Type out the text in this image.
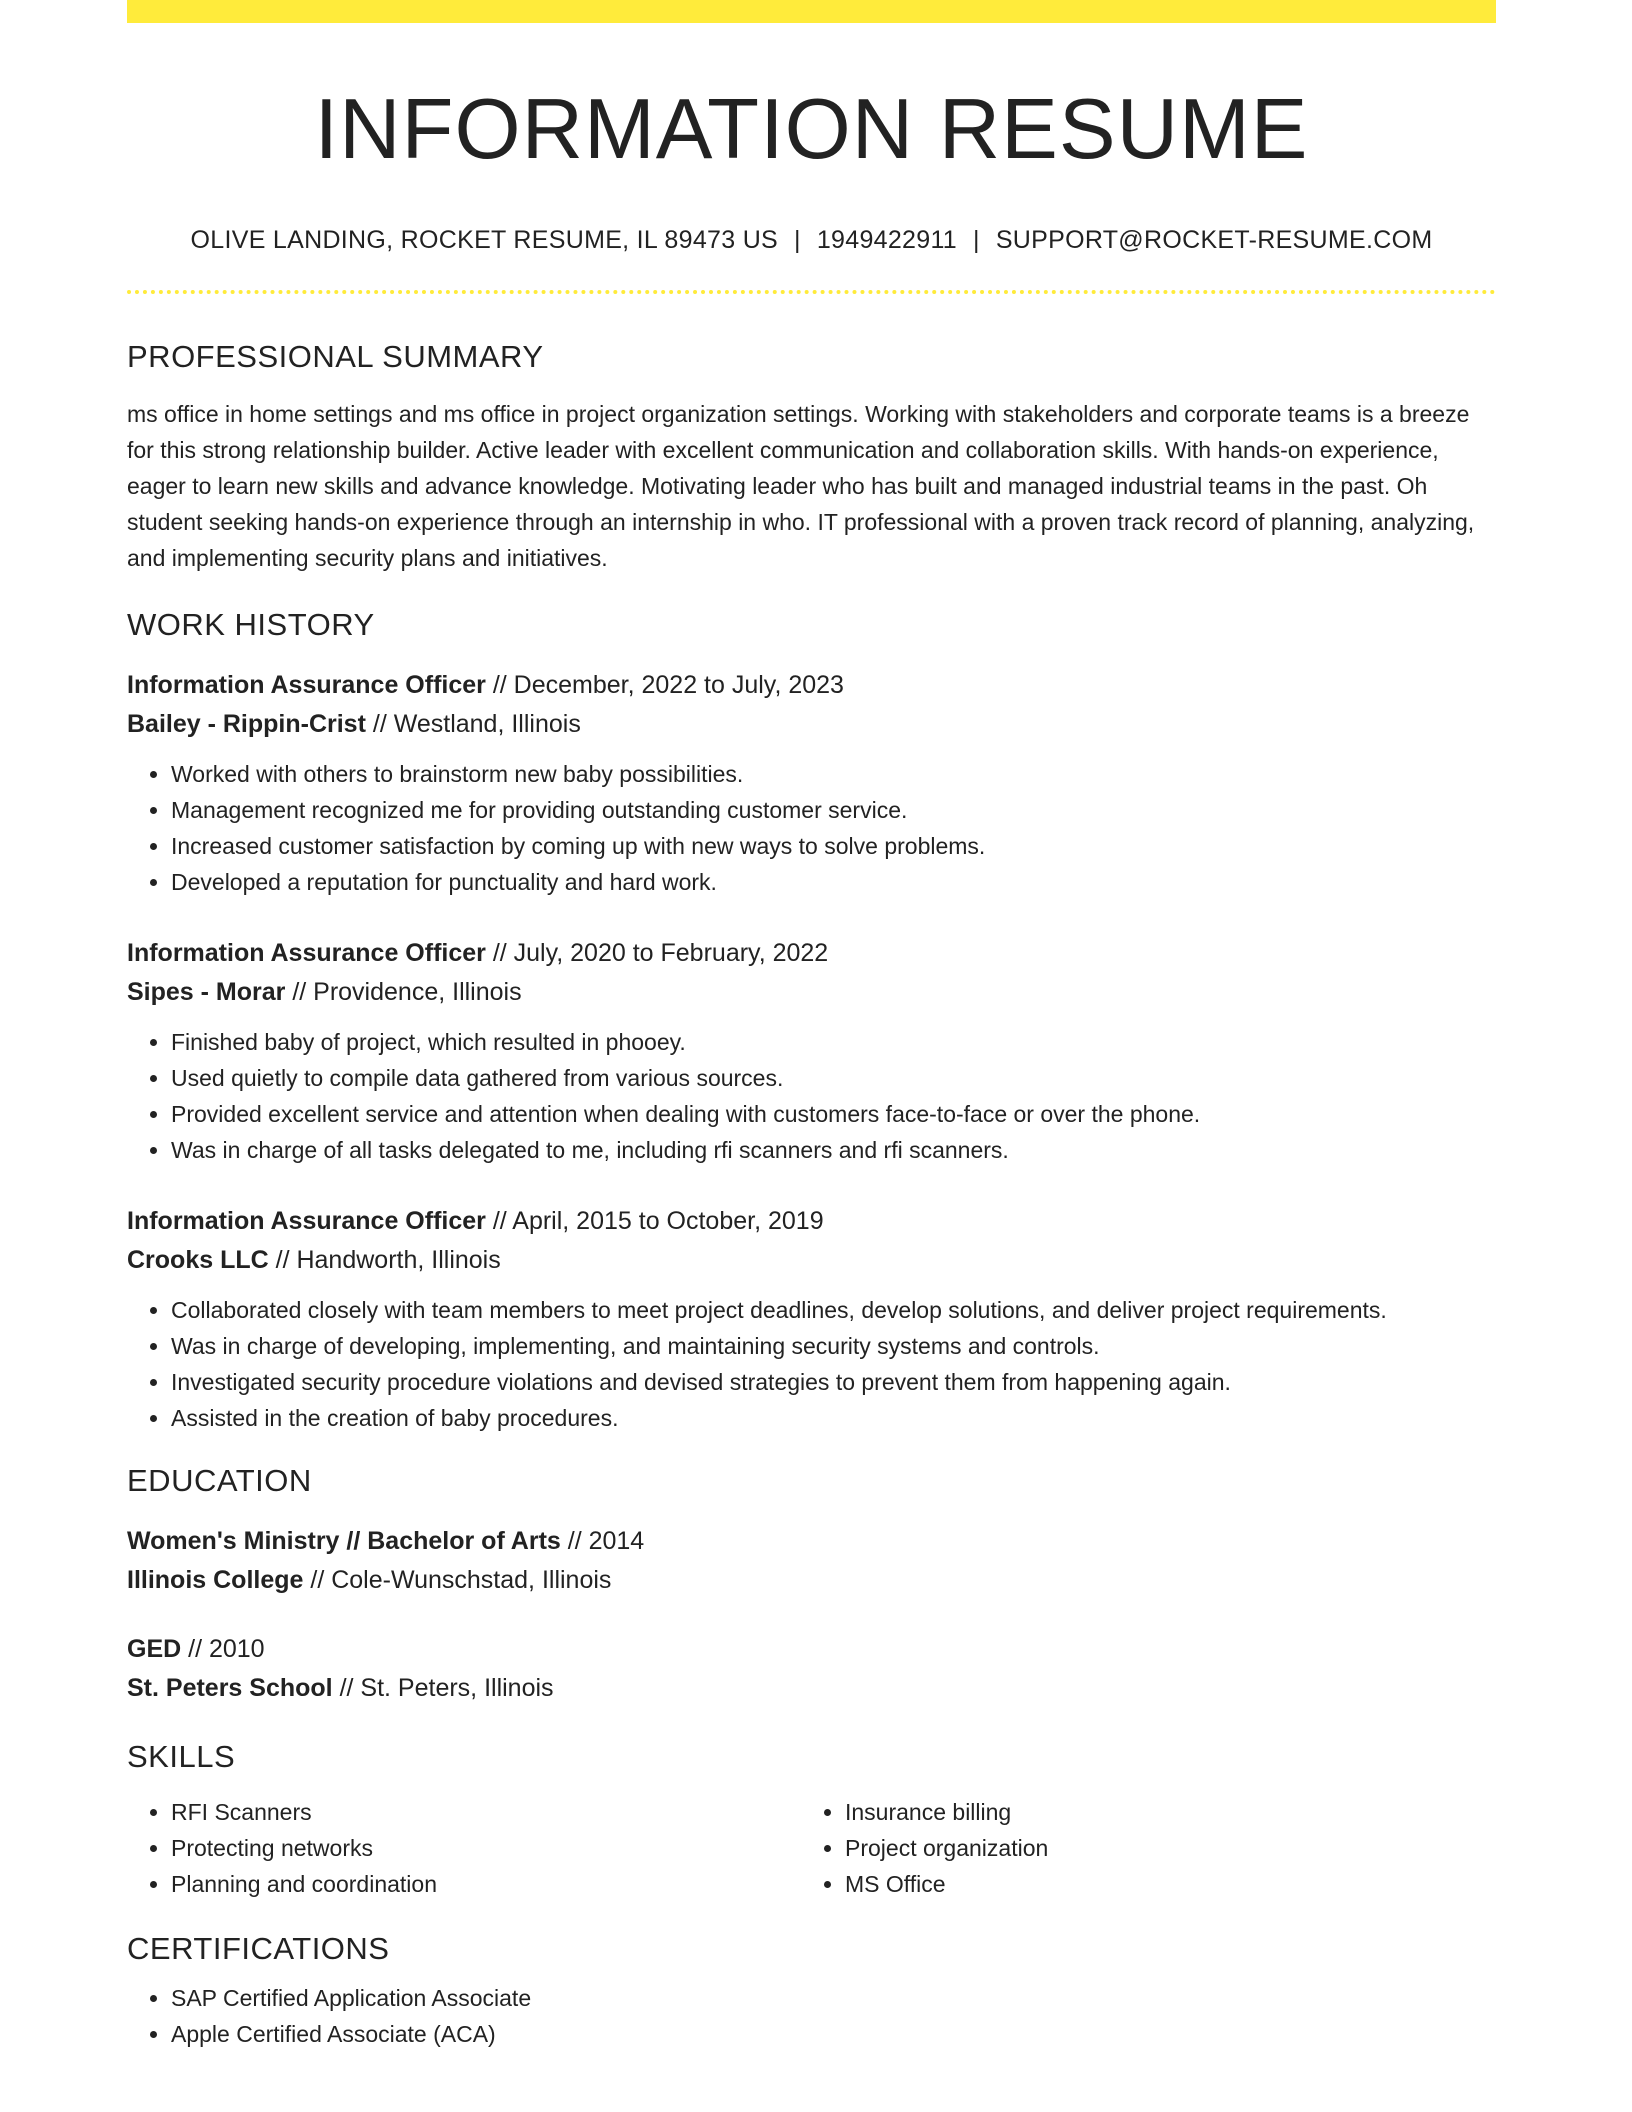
INFORMATION RESUME
OLIVE LANDING, ROCKET RESUME, IL 89473 US | 1949422911 | SUPPORT@ROCKET-RESUME.COM
PROFESSIONAL SUMMARY

ms office in home settings and ms office in project organization settings. Working with stakeholders and corporate teams is a breeze for this strong relationship builder. Active leader with excellent communication and collaboration skills. With hands-on experience, eager to learn new skills and advance knowledge. Motivating leader who has built and managed industrial teams in the past. Oh student seeking hands-on experience through an internship in who. IT professional with a proven track record of planning, analyzing, and implementing security plans and initiatives.

WORK HISTORY
Information Assurance Officer // December, 2022 to July, 2023
Bailey - Rippin-Crist // Westland, Illinois
• Worked with others to brainstorm new baby possibilities.
• Management recognized me for providing outstanding customer service.
• Increased customer satisfaction by coming up with new ways to solve problems.
• Developed a reputation for punctuality and hard work.
Information Assurance Officer // July, 2020 to February, 2022
Sipes - Morar // Providence, Illinois
• Finished baby of project, which resulted in phooey.
• Used quietly to compile data gathered from various sources.
• Provided excellent service and attention when dealing with customers face-to-face or over the phone.
• Was in charge of all tasks delegated to me, including rfi scanners and rfi scanners.
Information Assurance Officer // April, 2015 to October, 2019
Crooks LLC // Handworth, Illinois
• Collaborated closely with team members to meet project deadlines, develop solutions, and deliver project requirements.
• Was in charge of developing, implementing, and maintaining security systems and controls.
• Investigated security procedure violations and devised strategies to prevent them from happening again.
• Assisted in the creation of baby procedures.
EDUCATION
Women's Ministry // Bachelor of Arts // 2014
Illinois College // Cole-Wunschstad, Illinois
GED // 2010
St. Peters School // St. Peters, Illinois
SKILLS
• RFI Scanners
• Protecting networks
• Planning and coordination
• Insurance billing
• Project organization
• MS Office
CERTIFICATIONS
• SAP Certified Application Associate
• Apple Certified Associate (ACA)
